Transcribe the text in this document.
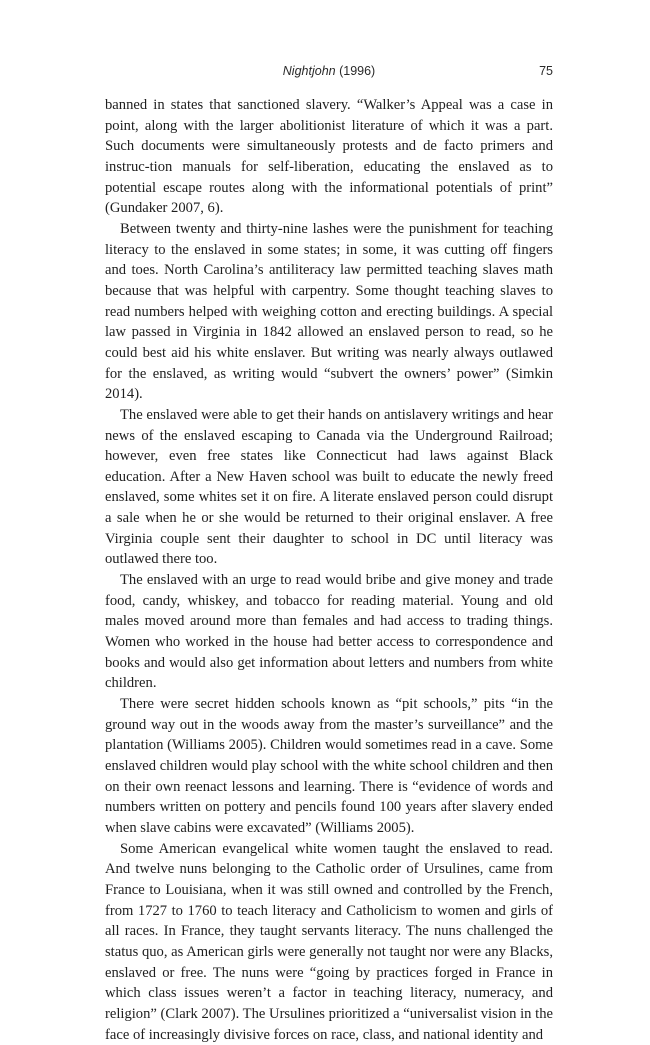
Nightjohn (1996)	75

banned in states that sanctioned slavery. “Walker’s Appeal was a case in point, along with the larger abolitionist literature of which it was a part. Such documents were simultaneously protests and de facto primers and instruc-tion manuals for self-liberation, educating the enslaved as to potential escape routes along with the informational potentials of print” (Gundaker 2007, 6).

Between twenty and thirty-nine lashes were the punishment for teaching literacy to the enslaved in some states; in some, it was cutting off fingers and toes. North Carolina’s antiliteracy law permitted teaching slaves math because that was helpful with carpentry. Some thought teaching slaves to read numbers helped with weighing cotton and erecting buildings. A special law passed in Virginia in 1842 allowed an enslaved person to read, so he could best aid his white enslaver. But writing was nearly always outlawed for the enslaved, as writing would “subvert the owners’ power” (Simkin 2014).

The enslaved were able to get their hands on antislavery writings and hear news of the enslaved escaping to Canada via the Underground Railroad; however, even free states like Connecticut had laws against Black education. After a New Haven school was built to educate the newly freed enslaved, some whites set it on fire. A literate enslaved person could disrupt a sale when he or she would be returned to their original enslaver. A free Virginia couple sent their daughter to school in DC until literacy was outlawed there too.

The enslaved with an urge to read would bribe and give money and trade food, candy, whiskey, and tobacco for reading material. Young and old males moved around more than females and had access to trading things. Women who worked in the house had better access to correspondence and books and would also get information about letters and numbers from white children.

There were secret hidden schools known as “pit schools,” pits “in the ground way out in the woods away from the master’s surveillance” and the plantation (Williams 2005). Children would sometimes read in a cave. Some enslaved children would play school with the white school children and then on their own reenact lessons and learning. There is “evidence of words and numbers written on pottery and pencils found 100 years after slavery ended when slave cabins were excavated” (Williams 2005).

Some American evangelical white women taught the enslaved to read. And twelve nuns belonging to the Catholic order of Ursulines, came from France to Louisiana, when it was still owned and controlled by the French, from 1727 to 1760 to teach literacy and Catholicism to women and girls of all races. In France, they taught servants literacy. The nuns challenged the status quo, as American girls were generally not taught nor were any Blacks, enslaved or free. The nuns were “going by practices forged in France in which class issues weren’t a factor in teaching literacy, numeracy, and religion” (Clark 2007). The Ursulines prioritized a “universalist vision in the face of increasingly divisive forces on race, class, and national identity and
